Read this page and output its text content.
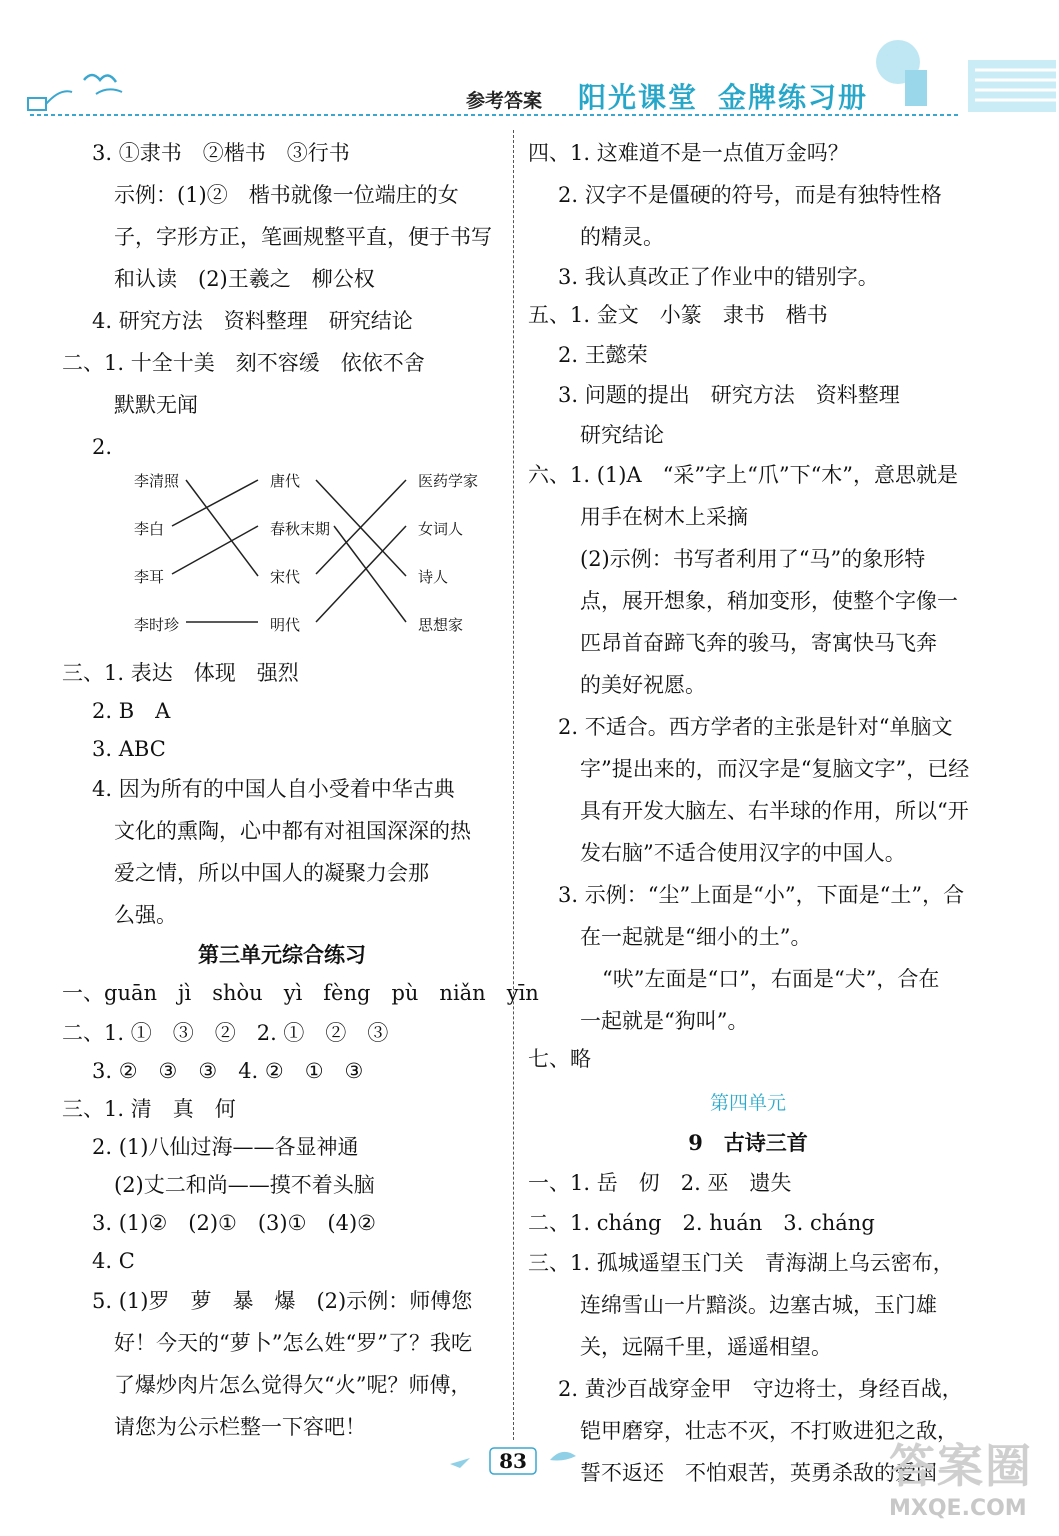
参考答案 阳光课堂 金牌练习册
3. ①隶书　②楷书　③行书
示例：(1)②　楷书就像一位端庄的女
子，字形方正，笔画规整平直，便于书写
和认读　(2)王羲之　柳公权
4. 研究方法　资料整理　研究结论
二、1. 十全十美　刻不容缓　依依不舍
默默无闻
2.
三、1. 表达　体现　强烈
2. B　A
3. ABC
4. 因为所有的中国人自小受着中华古典
文化的熏陶，心中都有对祖国深深的热
爱之情，所以中国人的凝聚力会那
么强。
第三单元综合练习
一、guān　jì　shòu　yì　fèng　pù　niǎn　yīn
二、1. ①　③　②　2. ①　②　③
3. ②　③　③　4. ②　①　③
三、1. 清　真　何
2. (1)八仙过海——各显神通
(2)丈二和尚——摸不着头脑
3. (1)②　(2)①　(3)①　(4)②
4. C
5. (1)罗　萝　暴　爆　(2)示例：师傅您
好！今天的“萝卜”怎么姓“罗”了？我吃
了爆炒肉片怎么觉得欠“火”呢？师傅，
请您为公示栏整一下容吧！
李清照
李白
李耳
李时珍
唐代
春秋末期
宋代
明代
医药学家
女词人
诗人
思想家
四、1. 这难道不是一点值万金吗？
2. 汉字不是僵硬的符号，而是有独特性格
的精灵。
3. 我认真改正了作业中的错别字。
五、1. 金文　小篆　隶书　楷书
2. 王懿荣
3. 问题的提出　研究方法　资料整理
研究结论
六、1. (1)A　“采”字上“爪”下“木”，意思就是
用手在树木上采摘
(2)示例：书写者利用了“马”的象形特
点，展开想象，稍加变形，使整个字像一
匹昂首奋蹄飞奔的骏马，寄寓快马飞奔
的美好祝愿。
2. 不适合。西方学者的主张是针对“单脑文
字”提出来的，而汉字是“复脑文字”，已经
具有开发大脑左、右半球的作用，所以“开
发右脑”不适合使用汉字的中国人。
3. 示例：“尘”上面是“小”，下面是“土”，合
在一起就是“细小的土”。
“吠”左面是“口”，右面是“犬”，合在
一起就是“狗叫”。
七、略
第四单元
9　古诗三首
一、1. 岳　仞　2. 巫　遗失
二、1. cháng　2. huán　3. cháng
三、1. 孤城遥望玉门关　青海湖上乌云密布，
连绵雪山一片黯淡。边塞古城，玉门雄
关，远隔千里，遥遥相望。
2. 黄沙百战穿金甲　守边将士，身经百战，
铠甲磨穿，壮志不灭，不打败进犯之敌，
誓不返还　不怕艰苦，英勇杀敌的爱国
83	答案圈
MXQE.COM
